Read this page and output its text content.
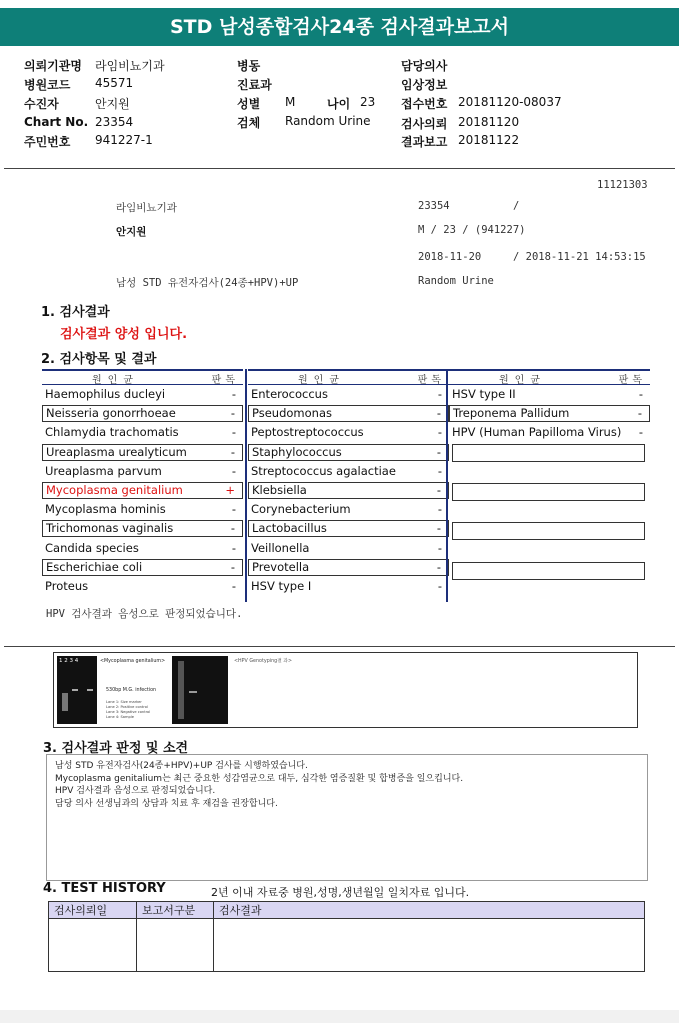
STD 남성종합검사24종 검사결과보고서
의뢰기관명 라임비뇨기과	병동	담당의사
병원코드 45571	진료과	임상정보
수진자	안지원	성별 M	나이 23 접수번호 20181120-08037
Chart No. 23354	검체 Random Urine	검사의뢰 20181120
주민번호 941227-1	결과보고 20181122
11121303
라임비뇨기과	23354	/
안지원	M / 23 / (941227)
2018-11-20	/ 2018-11-21 14:53:15
남성 STD 유전자검사(24종+HPV)+UP	Random Urine
1. 검사결과
검사결과 양성 입니다.
2. 검사항목 및 결과
원인균	판독
Haemophilus ducleyi	-
Neisseria gonorrhoeae	-
Chlamydia trachomatis	-
Ureaplasma urealyticum	-
Ureaplasma parvum	-
Mycoplasma genitalium	+
Mycoplasma hominis	-
Trichomonas vaginalis	-
Candida species	-
Escherichiae coli	-
Proteus	-
원인균	판독
Enterococcus	-
Pseudomonas	-
Peptostreptococcus	-
Staphylococcus	-
Streptococcus agalactiae	-
Klebsiella	-
Corynebacterium	-
Lactobacillus	-
Veillonella	-
Prevotella	-
HSV type I	-
원인균	판독
HSV type II	-
Treponema Pallidum	-
HPV (Human Papilloma Virus) -
HPV 검사결과 음성으로 판정되었습니다.
1 2 3 4	<Mycoplasma genitalium>
530bp M.G. infection
Lane 1: Size marker
Lane 2: Positive control
Lane 3: Negative control
Lane 4: Sample
<HPV Genotyping결 과>
3. 검사결과 판정 및 소견
남성 STD 유전자검사(24종+HPV)+UP 검사를 시행하였습니다.
Mycoplasma genitalium는 최근 중요한 성감염균으로 대두, 심각한 염증질환 및 합병증을 일으킵니다.
HPV 검사결과 음성으로 판정되었습니다.
담당 의사 선생님과의 상담과 치료 후 재검을 권장합니다.
4. TEST HISTORY	2년 이내 자료중 병원,성명,생년월일 일치자료 입니다.
검사의뢰일	보고서구분	검사결과
